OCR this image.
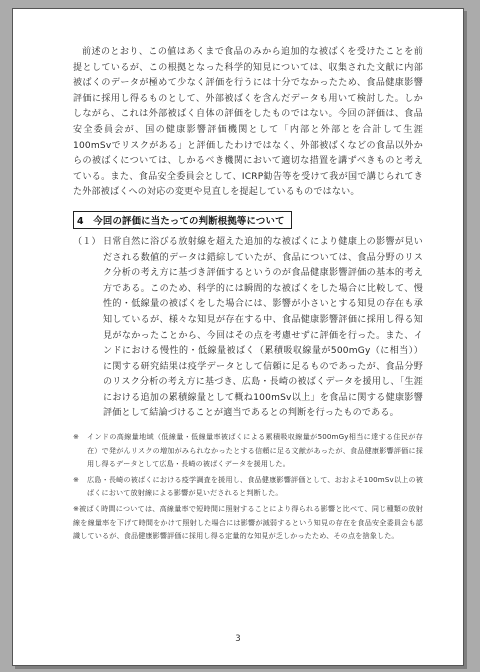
前述のとおり、この値はあくまで食品のみから追加的な被ばくを受けたことを前提としているが、この根拠となった科学的知見については、収集された文献に内部被ばくのデータが極めて少なく評価を行うには十分でなかったため、食品健康影響評価に採用し得るものとして、外部被ばくを含んだデータも用いて検討した。しかしながら、これは外部被ばく自体の評価をしたものではない。今回の評価は、食品安全委員会が、国の健康影響評価機関として「内部と外部とを合計して生涯100mSvでリスクがある」と評価したわけではなく、外部被ばくなどの食品以外からの被ばくについては、しかるべき機関において適切な措置を講ずべきものと考えている。また、食品安全委員会として、ICRP勧告等を受けて我が国で講じられてきた外部被ばくへの対応の変更や見直しを提起しているものではない。

4　今回の評価に当たっての判断根拠等について
（１） 日常自然に浴びる放射線を超えた追加的な被ばくにより健康上の影響が見いだされる数値的データは錯綜していたが、食品については、食品分野のリスク分析の考え方に基づき評価するというのが食品健康影響評価の基本的考え方である。このため、科学的には瞬間的な被ばくをした場合に比較して、慢性的・低線量の被ばくをした場合には、影響が小さいとする知見の存在も承知しているが、様々な知見が存在する中、食品健康影響評価に採用し得る知見がなかったことから、今回はその点を考慮せずに評価を行った。また、インドにおける慢性的・低線量被ばく（累積吸収線量が500mGy（に相当））に関する研究結果は疫学データとして信頼に足るものであったが、食品分野のリスク分析の考え方に基づき、広島・長崎の被ばくデータを援用し、「生涯における追加の累積線量として概ね100mSv以上」を食品に関する健康影響評価として結論づけることが適当であるとの判断を行ったものである。
※	インドの高線量地域（低線量・低線量率被ばくによる累積吸収線量が500mGy相当に達する住民が存在）で発がんリスクの増加がみられなかったとする信頼に足る文献があったが、食品健康影響評価に採用し得るデータとして広島・長崎の被ばくデータを援用した。
※	広島・長崎の被ばくにおける疫学調査を援用し、食品健康影響評価として、おおよそ100mSv以上の被ばくにおいて放射線による影響が見いだされると判断した。

※被ばく時間については、高線量率で短時間に照射することにより得られる影響と比べて、同じ種類の放射線を線量率を下げて時間をかけて照射した場合には影響が減弱するという知見の存在を食品安全委員会も認識しているが、食品健康影響評価に採用し得る定量的な知見が乏しかったため、その点を捨象した。

3
